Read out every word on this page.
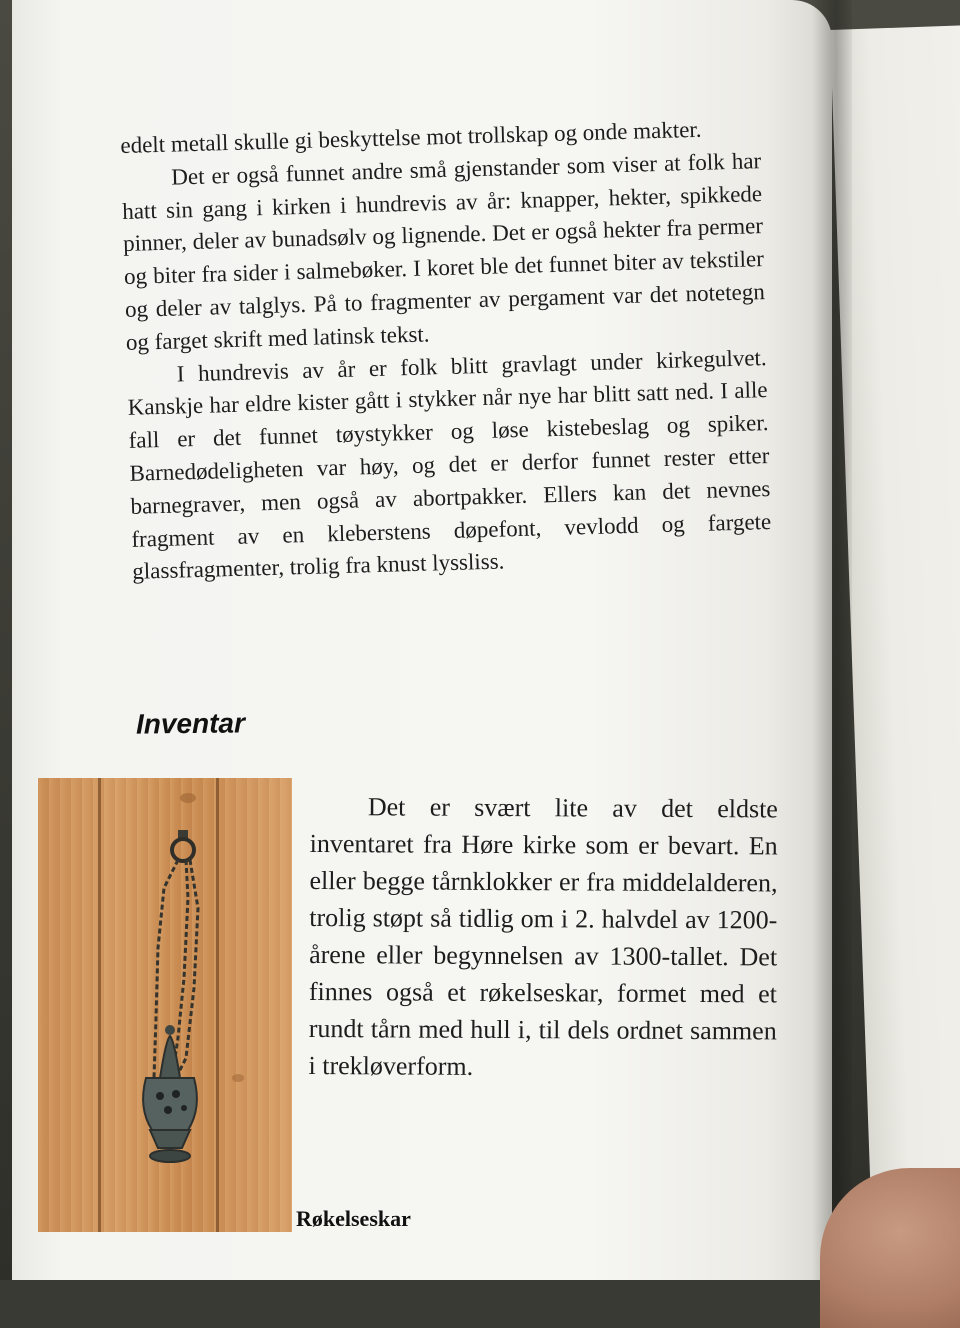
edelt metall skulle gi beskyttelse mot trollskap og onde makter.

Det er også funnet andre små gjenstander som viser at folk har hatt sin gang i kirken i hundrevis av år: knapper, hekter, spikkede pinner, deler av bunadsølv og lignende. Det er også hekter fra permer og biter fra sider i salmebøker. I koret ble det funnet biter av tekstiler og deler av talglys. På to fragmenter av pergament var det notetegn og farget skrift med latinsk tekst.

I hundrevis av år er folk blitt gravlagt under kirkegulvet. Kanskje har eldre kister gått i stykker når nye har blitt satt ned. I alle fall er det funnet tøystykker og løse kistebeslag og spiker. Barnedødeligheten var høy, og det er derfor funnet rester etter barnegraver, men også av abortpakker. Ellers kan det nevnes fragment av en kleberstens døpefont, vevlodd og fargete glassfragmenter, trolig fra knust lyssliss.

Inventar
Røkelseskar

Det er svært lite av det eldste inventaret fra Høre kirke som er bevart. En eller begge tårnklokker er fra middelalderen, trolig støpt så tidlig om i 2. halvdel av 1200-årene eller begynnelsen av 1300-tallet. Det finnes også et røkelseskar, formet med et rundt tårn med hull i, til dels ordnet sammen i trekløverform.
